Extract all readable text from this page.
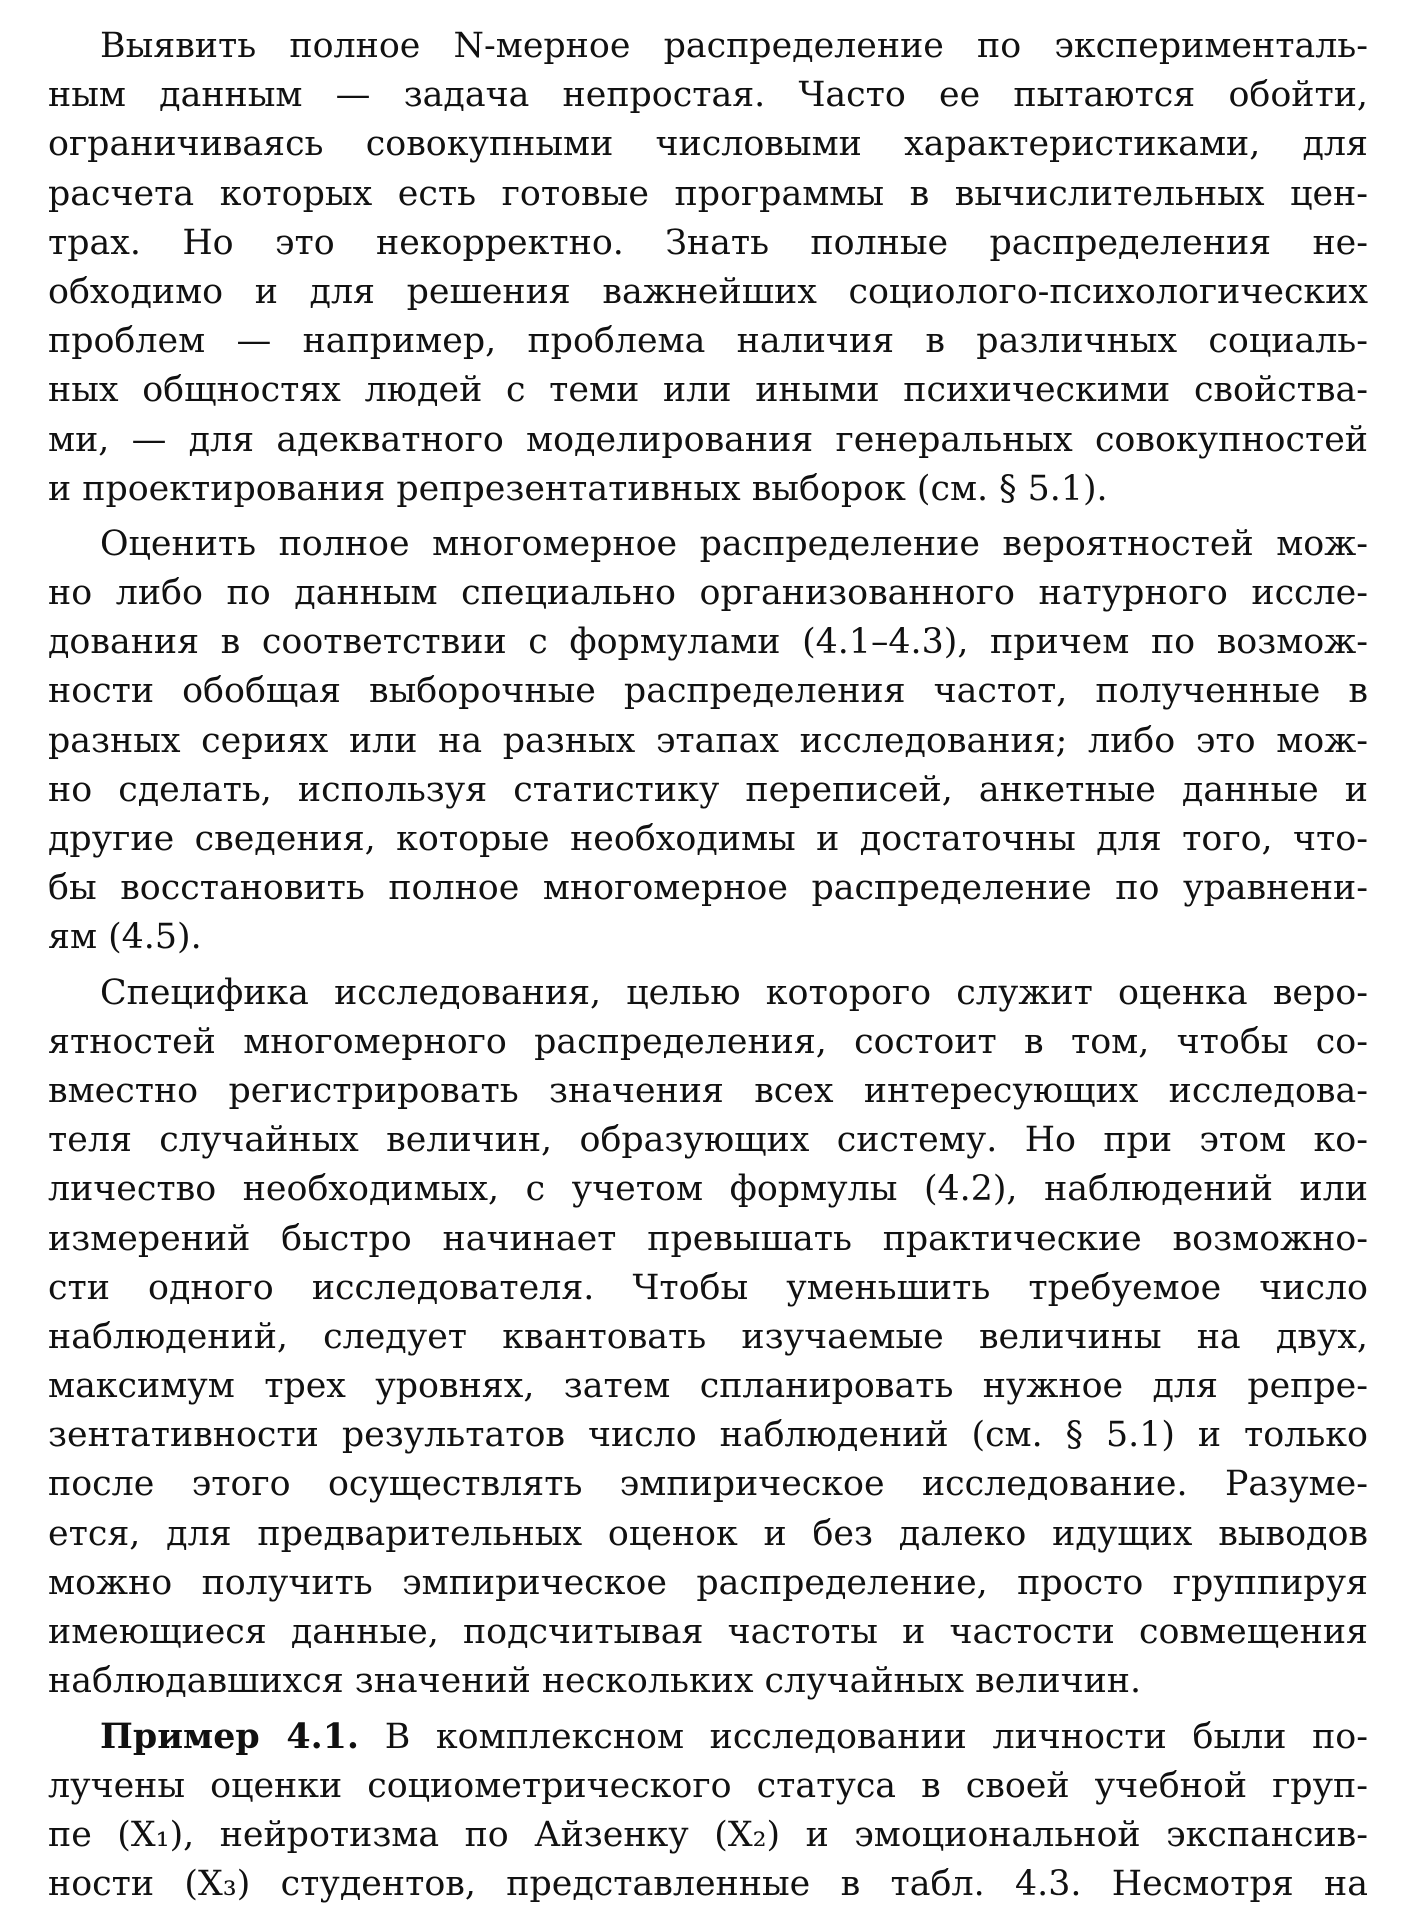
Выявить полное N-мерное распределение по эксперименталь-
ным данным — задача непростая. Часто ее пытаются обойти,
ограничиваясь совокупными числовыми характеристиками, для
расчета которых есть готовые программы в вычислительных цен-
трах. Но это некорректно. Знать полные распределения не-
обходимо и для решения важнейших социолого-психологических
проблем — например, проблема наличия в различных социаль-
ных общностях людей с теми или иными психическими свойства-
ми, — для адекватного моделирования генеральных совокупностей
и проектирования репрезентативных выборок (см. § 5.1).
Оценить полное многомерное распределение вероятностей мож-
но либо по данным специально организованного натурного иссле-
дования в соответствии с формулами (4.1–4.3), причем по возмож-
ности обобщая выборочные распределения частот, полученные в
разных сериях или на разных этапах исследования; либо это мож-
но сделать, используя статистику переписей, анкетные данные и
другие сведения, которые необходимы и достаточны для того, что-
бы восстановить полное многомерное распределение по уравнени-
ям (4.5).
Специфика исследования, целью которого служит оценка веро-
ятностей многомерного распределения, состоит в том, чтобы со-
вместно регистрировать значения всех интересующих исследова-
теля случайных величин, образующих систему. Но при этом ко-
личество необходимых, с учетом формулы (4.2), наблюдений или
измерений быстро начинает превышать практические возможно-
сти одного исследователя. Чтобы уменьшить требуемое число
наблюдений, следует квантовать изучаемые величины на двух,
максимум трех уровнях, затем спланировать нужное для репре-
зентативности результатов число наблюдений (см. § 5.1) и только
после этого осуществлять эмпирическое исследование. Разуме-
ется, для предварительных оценок и без далеко идущих выводов
можно получить эмпирическое распределение, просто группируя
имеющиеся данные, подсчитывая частоты и частости совмещения
наблюдавшихся значений нескольких случайных величин.
Пример 4.1. В комплексном исследовании личности были по-
лучены оценки социометрического статуса в своей учебной груп-
пе (X₁), нейротизма по Айзенку (X₂) и эмоциональной экспансив-
ности (X₃) студентов, представленные в табл. 4.3. Несмотря на
